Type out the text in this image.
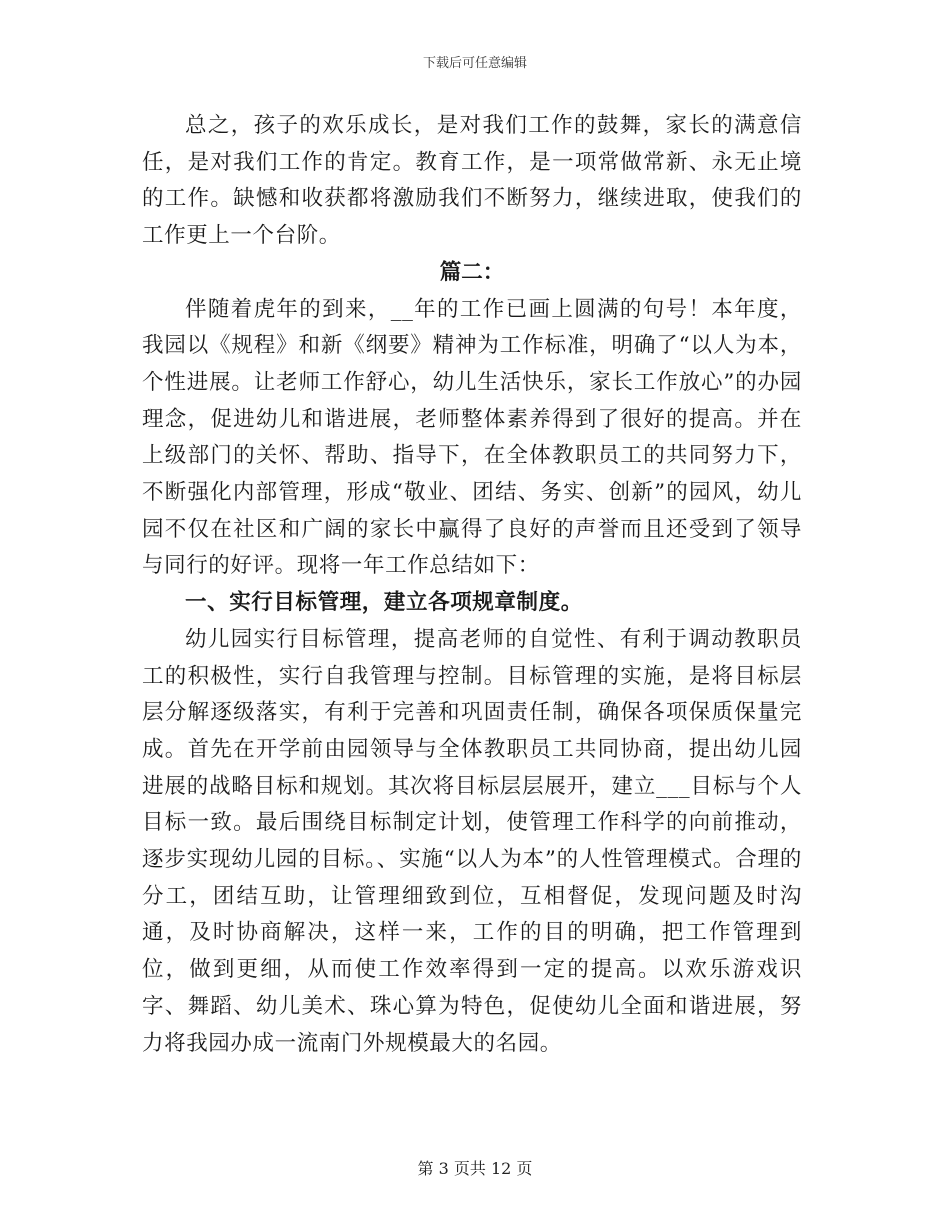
下载后可任意编辑

总之，孩子的欢乐成长，是对我们工作的鼓舞，家长的满意信任，是对我们工作的肯定。教育工作，是一项常做常新、永无止境的工作。缺憾和收获都将激励我们不断努力，继续进取，使我们的工作更上一个台阶。

篇二：

伴随着虎年的到来，__年的工作已画上圆满的句号！本年度，我园以《规程》和新《纲要》精神为工作标准，明确了“以人为本，个性进展。让老师工作舒心，幼儿生活快乐，家长工作放心”的办园理念，促进幼儿和谐进展，老师整体素养得到了很好的提高。并在上级部门的关怀、帮助、指导下，在全体教职员工的共同努力下，不断强化内部管理，形成“敬业、团结、务实、创新”的园风，幼儿园不仅在社区和广阔的家长中赢得了良好的声誉而且还受到了领导与同行的好评。现将一年工作总结如下：

一、实行目标管理，建立各项规章制度。

幼儿园实行目标管理，提高老师的自觉性、有利于调动教职员工的积极性，实行自我管理与控制。目标管理的实施，是将目标层层分解逐级落实，有利于完善和巩固责任制，确保各项保质保量完成。首先在开学前由园领导与全体教职员工共同协商，提出幼儿园进展的战略目标和规划。其次将目标层层展开，建立___目标与个人目标一致。最后围绕目标制定计划，使管理工作科学的向前推动，逐步实现幼儿园的目标。、实施“以人为本”的人性管理模式。合理的分工，团结互助，让管理细致到位，互相督促，发现问题及时沟通，及时协商解决，这样一来，工作的目的明确，把工作管理到位，做到更细，从而使工作效率得到一定的提高。以欢乐游戏识字、舞蹈、幼儿美术、珠心算为特色，促使幼儿全面和谐进展，努力将我园办成一流南门外规模最大的名园。

第 3 页共 12 页
